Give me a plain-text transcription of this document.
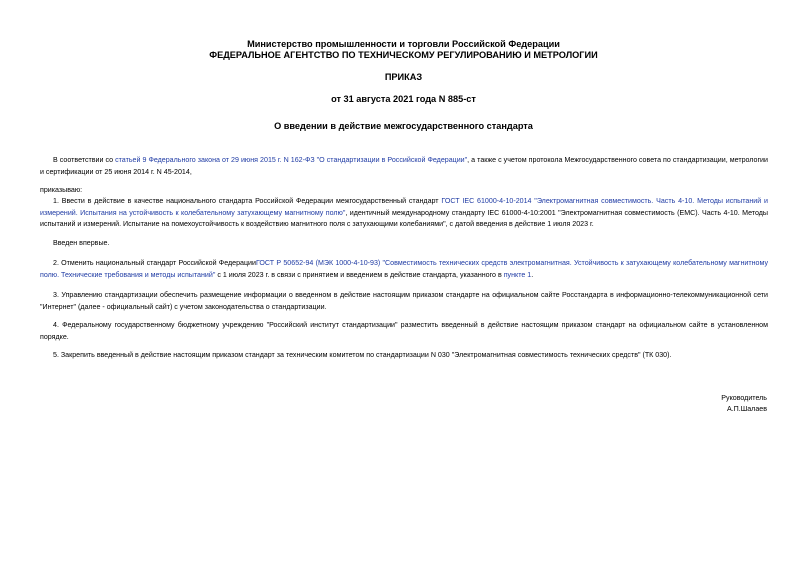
Министерство промышленности и торговли Российской Федерации
ФЕДЕРАЛЬНОЕ АГЕНТСТВО ПО ТЕХНИЧЕСКОМУ РЕГУЛИРОВАНИЮ И МЕТРОЛОГИИ
ПРИКАЗ
от 31 августа 2021 года N 885-ст
О введении в действие межгосударственного стандарта

В соответствии со статьей 9 Федерального закона от 29 июня 2015 г. N 162-ФЗ "О стандартизации в Российской Федерации", а также с учетом протокола Межгосударственного совета по стандартизации, метрологии и сертификации от 25 июня 2014 г. N 45-2014,

приказываю:

1. Ввести в действие в качестве национального стандарта Российской Федерации межгосударственный стандарт ГОСТ IEC 61000-4-10-2014 "Электромагнитная совместимость. Часть 4-10. Методы испытаний и измерений. Испытания на устойчивость к колебательному затухающему магнитному полю", идентичный международному стандарту IEC 61000-4-10:2001 "Электромагнитная совместимость (ЕМС). Часть 4-10. Методы испытаний и измерений. Испытание на помехоустойчивость к воздействию магнитного поля с затухающими колебаниями", с датой введения в действие 1 июля 2023 г.

Введен впервые.

2. Отменить национальный стандарт Российской ФедерацииГОСТ Р 50652-94 (МЭК 1000-4-10-93) "Совместимость технических средств электромагнитная. Устойчивость к затухающему колебательному магнитному полю. Технические требования и методы испытаний" с 1 июля 2023 г. в связи с принятием и введением в действие стандарта, указанного в пункте 1.

3. Управлению стандартизации обеспечить размещение информации о введенном в действие настоящим приказом стандарте на официальном сайте Росстандарта в информационно-телекоммуникационной сети "Интернет" (далее - официальный сайт) с учетом законодательства о стандартизации.

4. Федеральному государственному бюджетному учреждению "Российский институт стандартизации" разместить введенный в действие настоящим приказом стандарт на официальном сайте в установленном порядке.

5. Закрепить введенный в действие настоящим приказом стандарт за техническим комитетом по стандартизации N 030 "Электромагнитная совместимость технических средств" (ТК 030).

Руководитель
А.П.Шалаев
